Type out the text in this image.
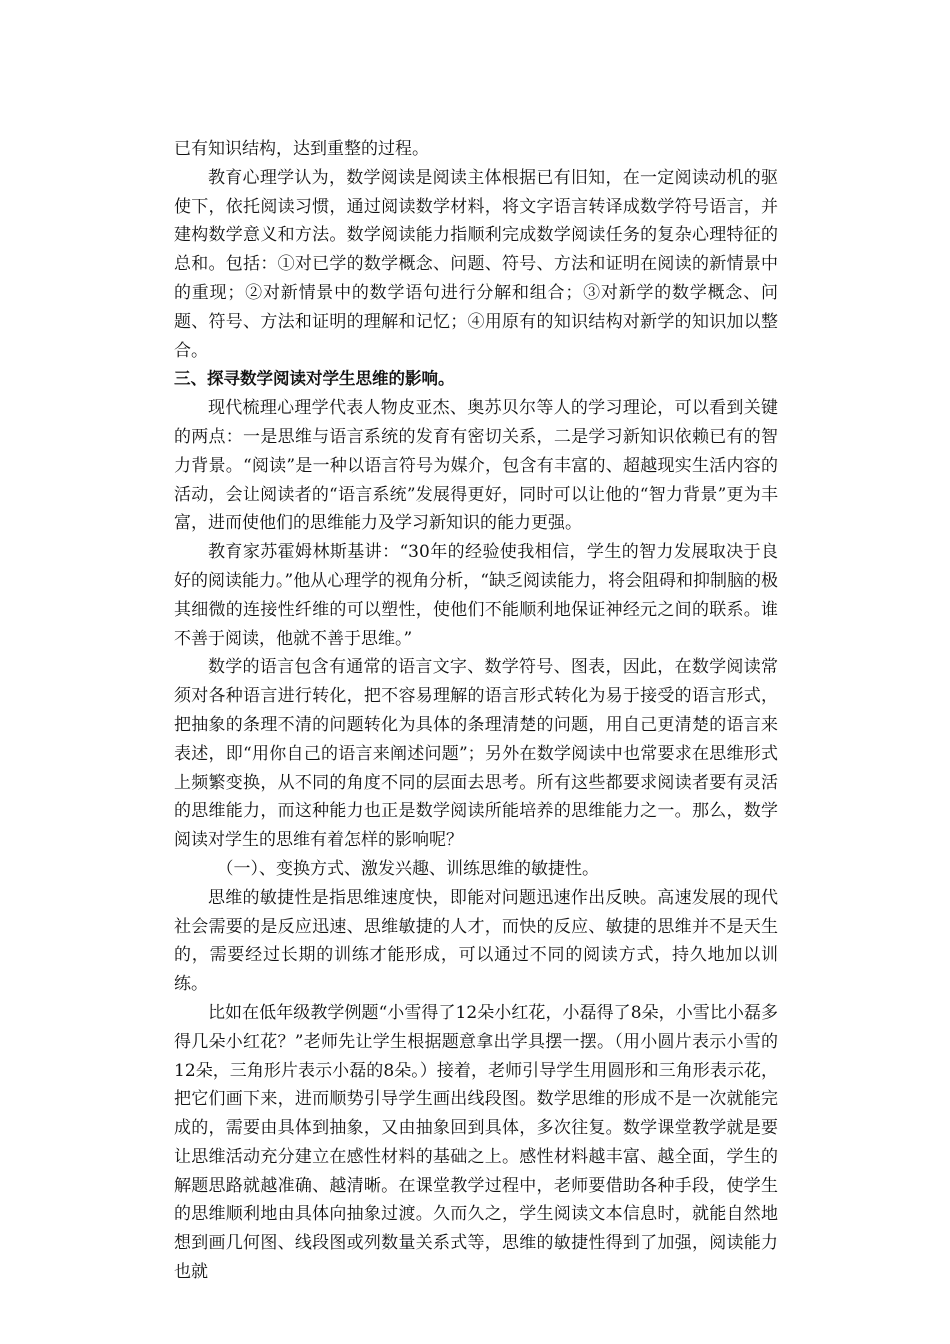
已有知识结构，达到重整的过程。

教育心理学认为，数学阅读是阅读主体根据已有旧知，在一定阅读动机的驱使下，依托阅读习惯，通过阅读数学材料，将文字语言转译成数学符号语言，并建构数学意义和方法。数学阅读能力指顺利完成数学阅读任务的复杂心理特征的总和。包括：①对已学的数学概念、问题、符号、方法和证明在阅读的新情景中的重现；②对新情景中的数学语句进行分解和组合；③对新学的数学概念、问题、符号、方法和证明的理解和记忆；④用原有的知识结构对新学的知识加以整合。

三、探寻数学阅读对学生思维的影响。

现代梳理心理学代表人物皮亚杰、奥苏贝尔等人的学习理论，可以看到关键的两点：一是思维与语言系统的发育有密切关系，二是学习新知识依赖已有的智力背景。“阅读”是一种以语言符号为媒介，包含有丰富的、超越现实生活内容的活动，会让阅读者的“语言系统”发展得更好，同时可以让他的“智力背景”更为丰富，进而使他们的思维能力及学习新知识的能力更强。

教育家苏霍姆林斯基讲：“30年的经验使我相信，学生的智力发展取决于良好的阅读能力。”他从心理学的视角分析，“缺乏阅读能力，将会阻碍和抑制脑的极其细微的连接性纤维的可以塑性，使他们不能顺利地保证神经元之间的联系。谁不善于阅读，他就不善于思维。”

数学的语言包含有通常的语言文字、数学符号、图表，因此，在数学阅读常须对各种语言进行转化，把不容易理解的语言形式转化为易于接受的语言形式，把抽象的条理不清的问题转化为具体的条理清楚的问题，用自己更清楚的语言来表述，即“用你自己的语言来阐述问题”；另外在数学阅读中也常要求在思维形式上频繁变换，从不同的角度不同的层面去思考。所有这些都要求阅读者要有灵活的思维能力，而这种能力也正是数学阅读所能培养的思维能力之一。那么，数学阅读对学生的思维有着怎样的影响呢？

（一）、变换方式、激发兴趣、训练思维的敏捷性。

思维的敏捷性是指思维速度快，即能对问题迅速作出反映。高速发展的现代社会需要的是反应迅速、思维敏捷的人才，而快的反应、敏捷的思维并不是天生的，需要经过长期的训练才能形成，可以通过不同的阅读方式，持久地加以训练。

比如在低年级教学例题“小雪得了12朵小红花，小磊得了8朵，小雪比小磊多得几朵小红花？”老师先让学生根据题意拿出学具摆一摆。（用小圆片表示小雪的12朵，三角形片表示小磊的8朵。）接着，老师引导学生用圆形和三角形表示花，把它们画下来，进而顺势引导学生画出线段图。数学思维的形成不是一次就能完成的，需要由具体到抽象，又由抽象回到具体，多次往复。数学课堂教学就是要让思维活动充分建立在感性材料的基础之上。感性材料越丰富、越全面，学生的解题思路就越准确、越清晰。在课堂教学过程中，老师要借助各种手段，使学生的思维顺利地由具体向抽象过渡。久而久之，学生阅读文本信息时，就能自然地想到画几何图、线段图或列数量关系式等，思维的敏捷性得到了加强，阅读能力也就
